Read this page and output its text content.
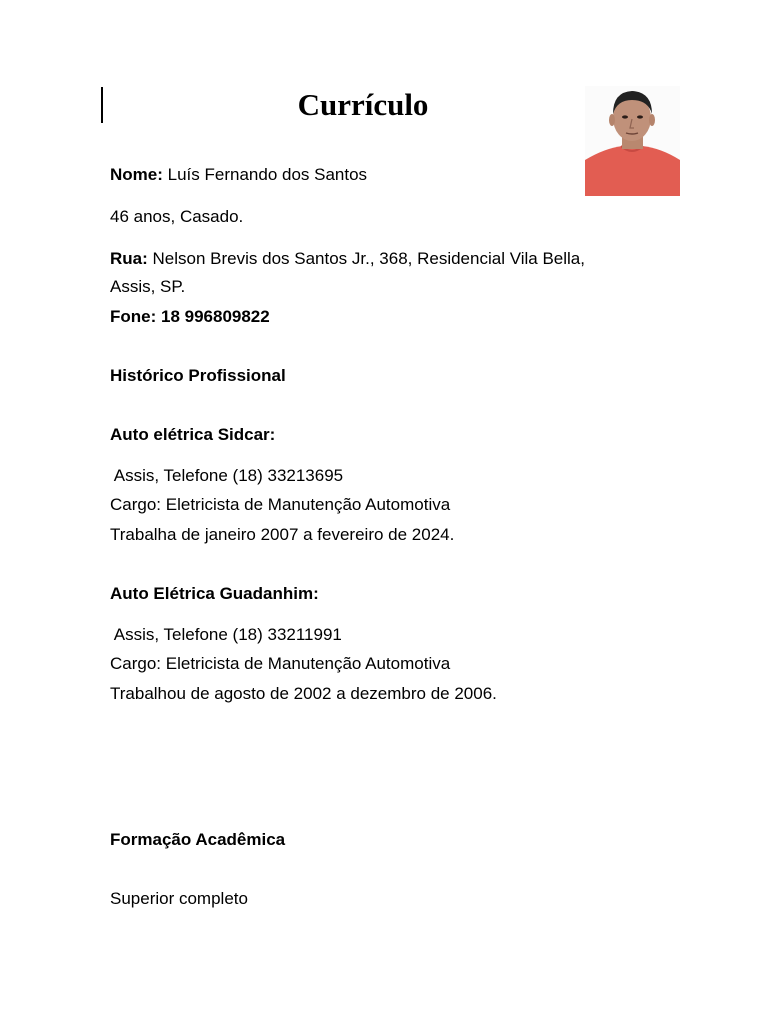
Currículo
Nome: Luís Fernando dos Santos
46 anos, Casado.
Rua: Nelson Brevis dos Santos Jr., 368, Residencial Vila Bella,
Assis, SP.
Fone: 18 996809822
Histórico Profissional
Auto elétrica Sidcar:
Assis, Telefone (18) 33213695
Cargo: Eletricista de Manutenção Automotiva
Trabalha de janeiro 2007 a fevereiro de 2024.
Auto Elétrica Guadanhim:
Assis, Telefone (18) 33211991
Cargo: Eletricista de Manutenção Automotiva
Trabalhou de agosto de 2002 a dezembro de 2006.
Formação Acadêmica
Superior completo
